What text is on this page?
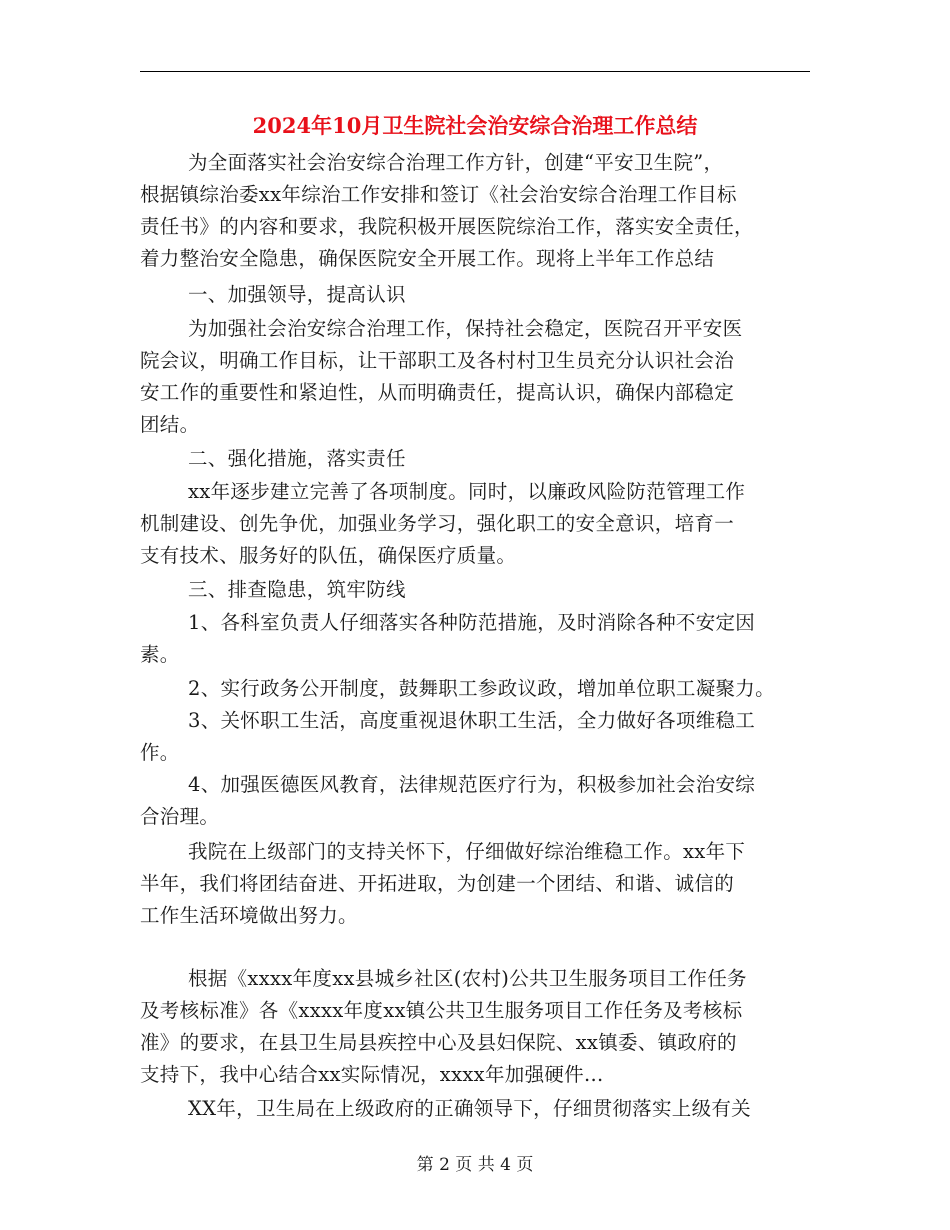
2024年10月卫生院社会治安综合治理工作总结
为全面落实社会治安综合治理工作方针，创建“平安卫生院”，
根据镇综治委xx年综治工作安排和签订《社会治安综合治理工作目标
责任书》的内容和要求，我院积极开展医院综治工作，落实安全责任，
着力整治安全隐患，确保医院安全开展工作。现将上半年工作总结
一、加强领导，提高认识
为加强社会治安综合治理工作，保持社会稳定，医院召开平安医
院会议，明确工作目标，让干部职工及各村村卫生员充分认识社会治
安工作的重要性和紧迫性，从而明确责任，提高认识，确保内部稳定
团结。
二、强化措施，落实责任
xx年逐步建立完善了各项制度。同时，以廉政风险防范管理工作
机制建设、创先争优，加强业务学习，强化职工的安全意识，培育一
支有技术、服务好的队伍，确保医疗质量。
三、排查隐患，筑牢防线
1、各科室负责人仔细落实各种防范措施，及时消除各种不安定因
素。
2、实行政务公开制度，鼓舞职工参政议政，增加单位职工凝聚力。
3、关怀职工生活，高度重视退休职工生活，全力做好各项维稳工
作。
4、加强医德医风教育，法律规范医疗行为，积极参加社会治安综
合治理。
我院在上级部门的支持关怀下，仔细做好综治维稳工作。xx年下
半年，我们将团结奋进、开拓进取，为创建一个团结、和谐、诚信的
工作生活环境做出努力。
根据《xxxx年度xx县城乡社区(农村)公共卫生服务项目工作任务
及考核标准》各《xxxx年度xx镇公共卫生服务项目工作任务及考核标
准》的要求，在县卫生局县疾控中心及县妇保院、xx镇委、镇政府的
支持下，我中心结合xx实际情况，xxxx年加强硬件...
XX年，卫生局在上级政府的正确领导下，仔细贯彻落实上级有关
第 2 页 共 4 页
